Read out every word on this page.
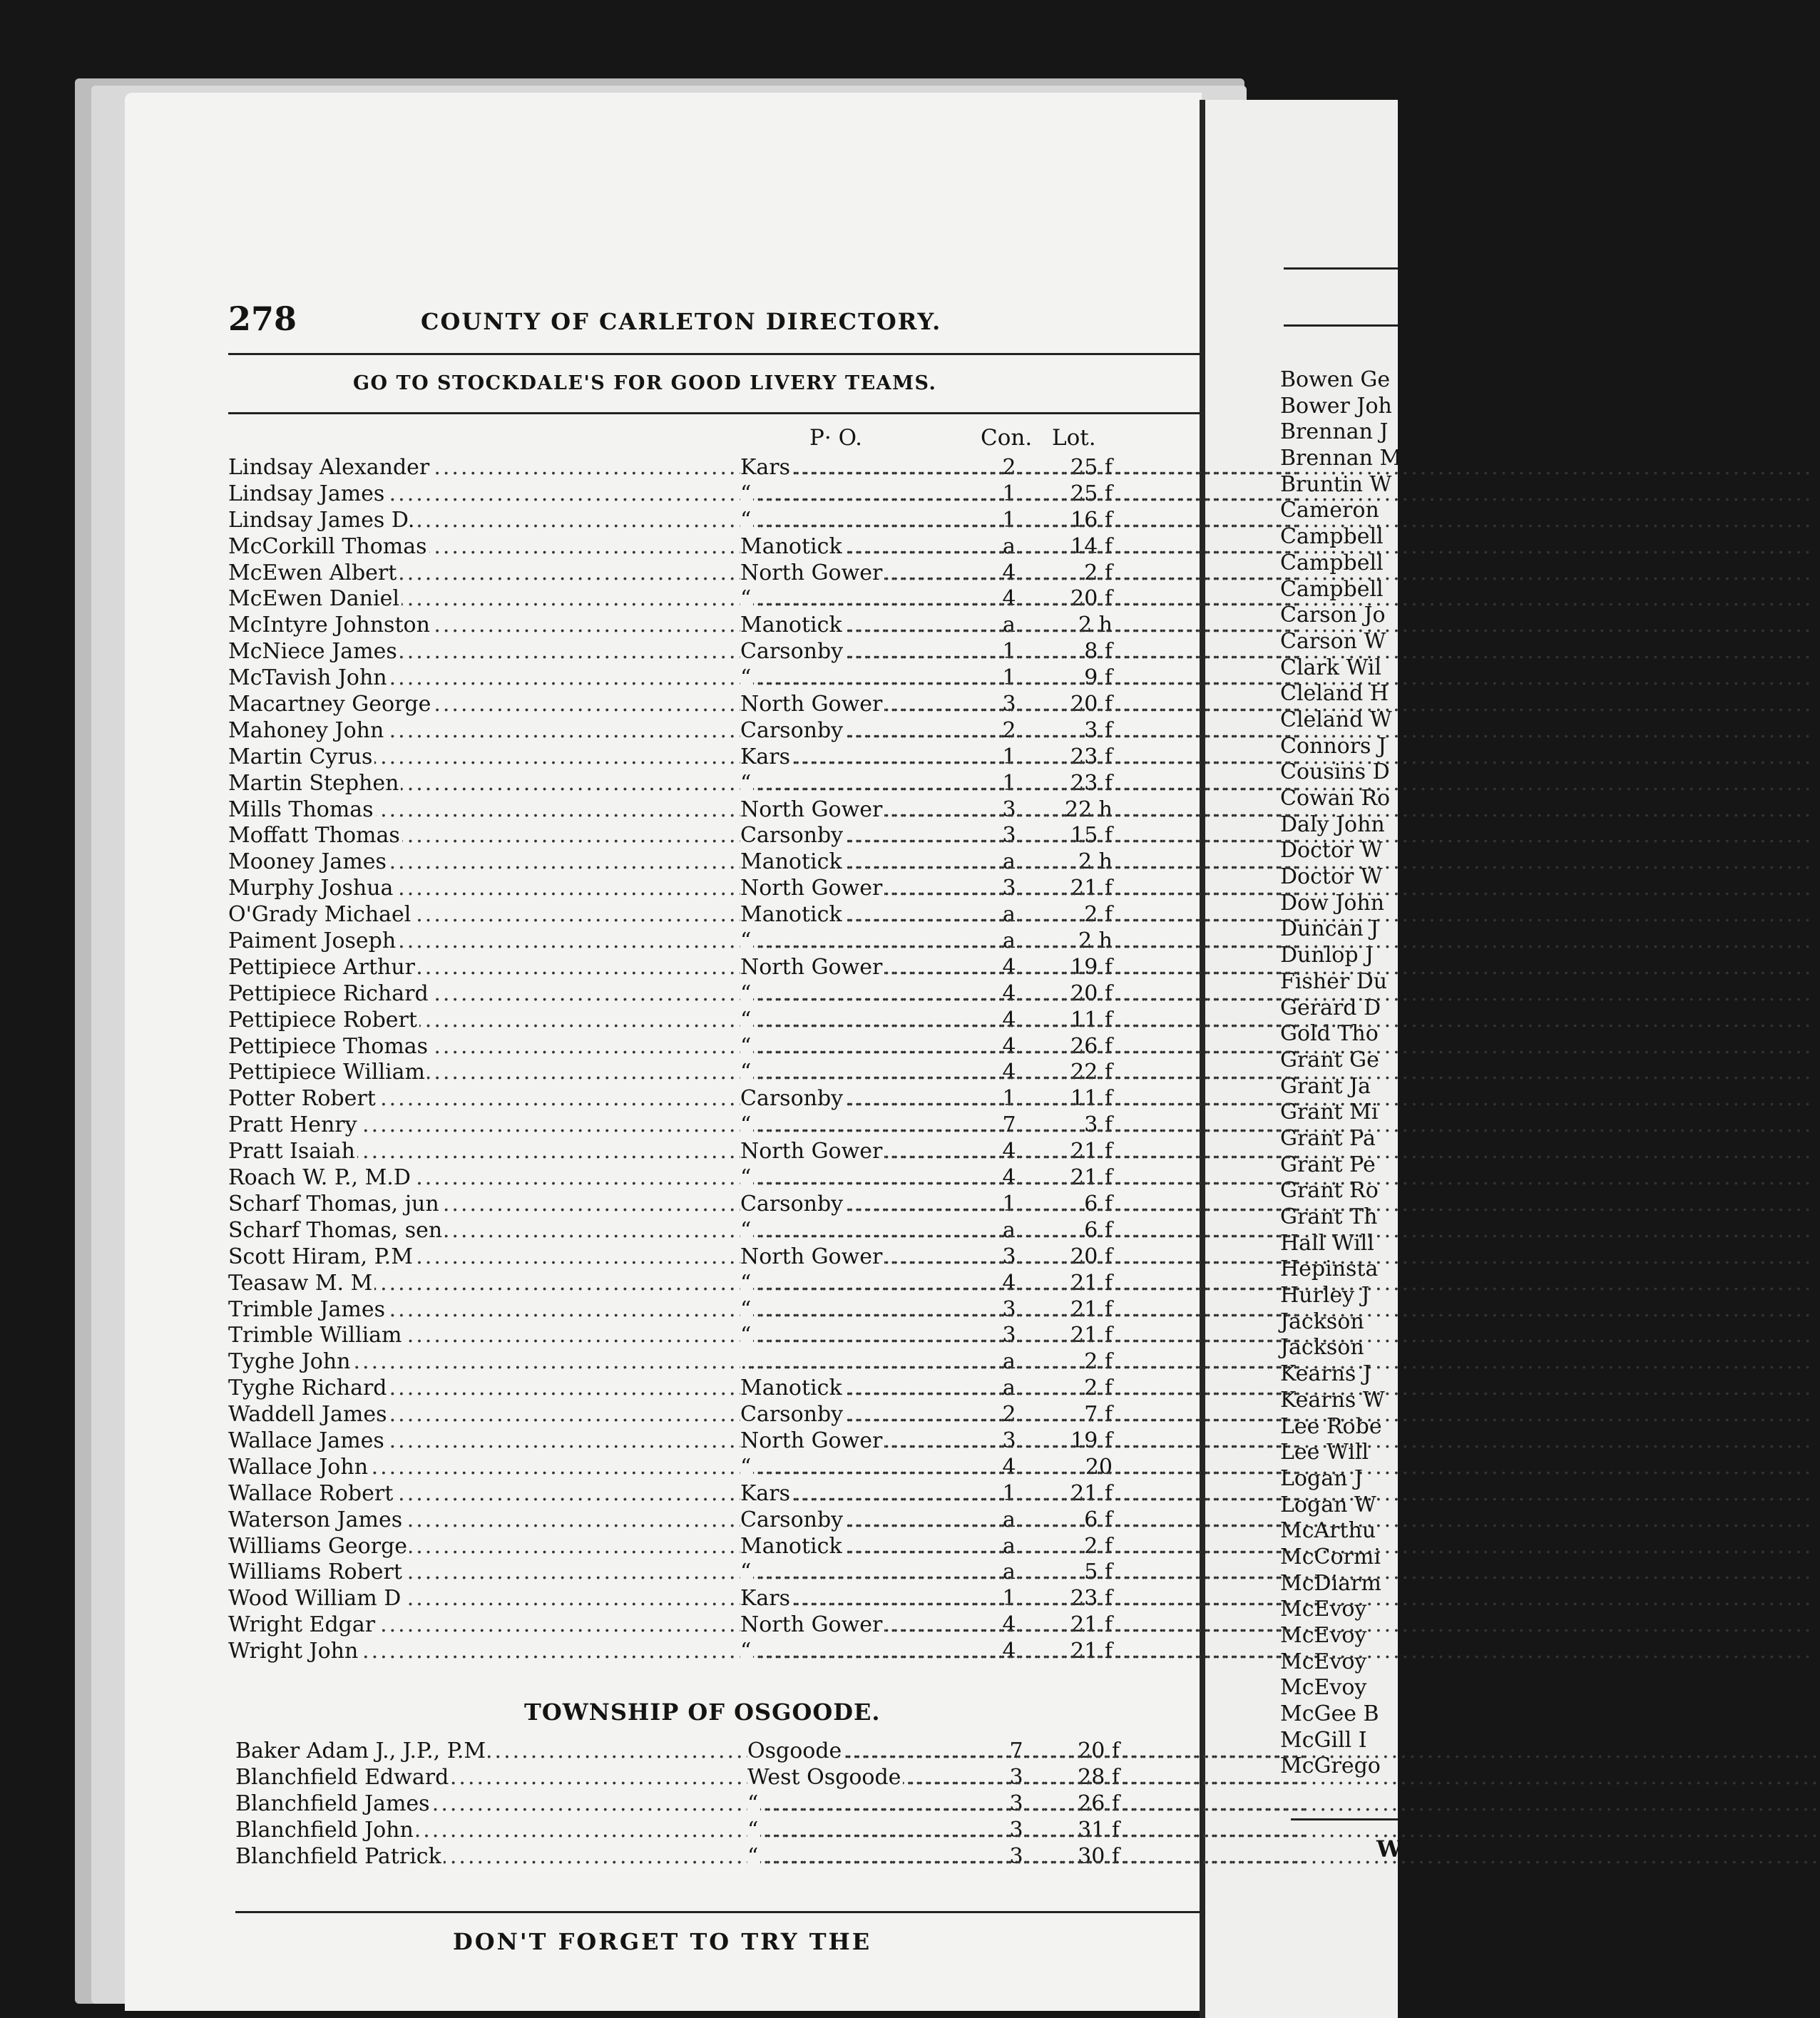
278	COUNTY OF CARLETON DIRECTORY.
GO TO STOCKDALE'S FOR GOOD LIVERY TEAMS.
P· O.	Con. Lot.
Lindsay Alexander .....	Kars .....	2	25 f
Lindsay James .....	“ .....	1	25 f
Lindsay James D. .....	“ .....	1	16 f
McCorkill Thomas .....	Manotick .....	a	14 f
McEwen Albert .....	North Gower .....	4	2 f
McEwen Daniel .....	“ .....	4	20 f
McIntyre Johnston .....	Manotick .....	a	2 h
McNiece James .....	Carsonby .....	1	8 f
McTavish John .....	“ .....	1	9 f
Macartney George .....	North Gower .....	3	20 f
Mahoney John .....	Carsonby .....	2	3 f
Martin Cyrus .....	Kars .....	1	23 f
Martin Stephen .....	“ .....	1	23 f
Mills Thomas .....	North Gower .....	3	22 h
Moffatt Thomas .....	Carsonby .....	3	15 f
Mooney James .....	Manotick .....	a	2 h
Murphy Joshua .....	North Gower .....	3	21 f
O'Grady Michael .....	Manotick .....	a	2 f
Paiment Joseph .....	“ .....	a	2 h
Pettipiece Arthur .....	North Gower .....	4	19 f
Pettipiece Richard .....	“ .....	4	20 f
Pettipiece Robert .....	“ .....	4	11 f
Pettipiece Thomas .....	“ .....	4	26 f
Pettipiece William .....	“ .....	4	22 f
Potter Robert .....	Carsonby .....	1	11 f
Pratt Henry .....	“ .....	7	3 f
Pratt Isaiah .....	North Gower .....	4	21 f
Roach W. P., M.D .....	“ .....	4	21 f
Scharf Thomas, jun .....	Carsonby .....	1	6 f
Scharf Thomas, sen .....	“ .....	a	6 f
Scott Hiram, P.M .....	North Gower .....	3	20 f
Teasaw M. M .....	“ .....	4	21 f
Trimble James .....	“ .....	3	21 f
Trimble William .....	“ .....	3	21 f
Tyghe John .....
.....	a	2 f
Tyghe Richard .....	Manotick .....	a	2 f
Waddell James .....	Carsonby .....	2	7 f
Wallace James .....	North Gower .....	3	19 f
Wallace John .....	“ .....	4	20
Wallace Robert .....	Kars .....	1	21 f
Waterson James .....	Carsonby .....	a	6 f
Williams George .....	Manotick .....	a	2 f
Williams Robert .....	“ .....	a	5 f
Wood William D .....	Kars .....	1	23 f
Wright Edgar .....	North Gower .....	4	21 f
Wright John .....	“ .....	4	21 f
TOWNSHIP OF OSGOODE.
Baker Adam J., J.P., P.M .....	Osgoode .....	7	20 f
Blanchfield Edward .....	West Osgoode .....	3	28 f
Blanchfield James .....	“ .....	3	26 f
Blanchfield John .....	“ .....	3	31 f
Blanchfield Patrick .....	“ .....	3	30 f
DON'T FORGET TO TRY THE
Bowen Ge
Bower Joh
Brennan J
Brennan M
Bruntin W
Cameron
Campbell
Campbell
Campbell
Carson Jo
Carson W
Clark Wil
Cleland H
Cleland W
Connors J
Cousins D
Cowan Ro
Daly John
Doctor W
Doctor W
Dow John
Duncan J
Dunlop J
Fisher Du
Gerard D
Gold Tho
Grant Ge
Grant Ja
Grant Mi
Grant Pa
Grant Pe
Grant Ro
Grant Th
Hall Will
Hepinsta
Hurley J
Jackson
Jackson
Kearns J
Kearns W
Lee Robe
Lee Will
Logan J
Logan W
McArthu
McCormi
McDiarm
McEvoy
McEvoy
McEvoy
McEvoy
McGee B
McGill I
McGrego
W
